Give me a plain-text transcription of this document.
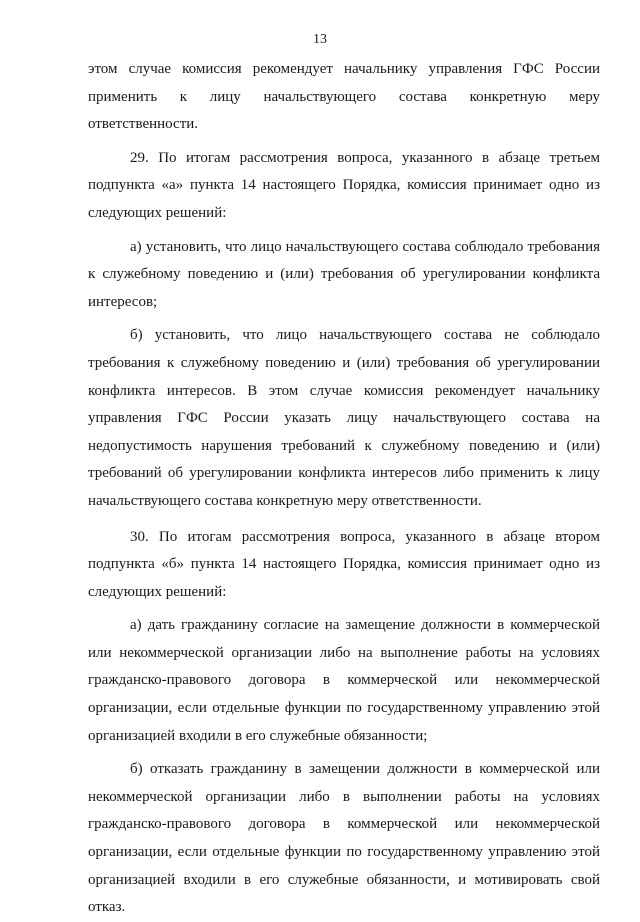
13

этом случае комиссия рекомендует начальнику управления ГФС России применить к лицу начальствующего состава конкретную меру ответственности.

29. По итогам рассмотрения вопроса, указанного в абзаце третьем подпункта «а» пункта 14 настоящего Порядка, комиссия принимает одно из следующих решений:

а) установить, что лицо начальствующего состава соблюдало требования к служебному поведению и (или) требования об урегулировании конфликта интересов;

б) установить, что лицо начальствующего состава не соблюдало требования к служебному поведению и (или) требования об урегулировании конфликта интересов. В этом случае комиссия рекомендует начальнику управления ГФС России указать лицу начальствующего состава на недопустимость нарушения требований к служебному поведению и (или) требований об урегулировании конфликта интересов либо применить к лицу начальствующего состава конкретную меру ответственности.

30. По итогам рассмотрения вопроса, указанного в абзаце втором подпункта «б» пункта 14 настоящего Порядка, комиссия принимает одно из следующих решений:

а) дать гражданину согласие на замещение должности в коммерческой или некоммерческой организации либо на выполнение работы на условиях гражданско-правового договора в коммерческой или некоммерческой организации, если отдельные функции по государственному управлению этой организацией входили в его служебные обязанности;

б) отказать гражданину в замещении должности в коммерческой или некоммерческой организации либо в выполнении работы на условиях гражданско-правового договора в коммерческой или некоммерческой организации, если отдельные функции по государственному управлению этой организацией входили в его служебные обязанности, и мотивировать свой отказ.
